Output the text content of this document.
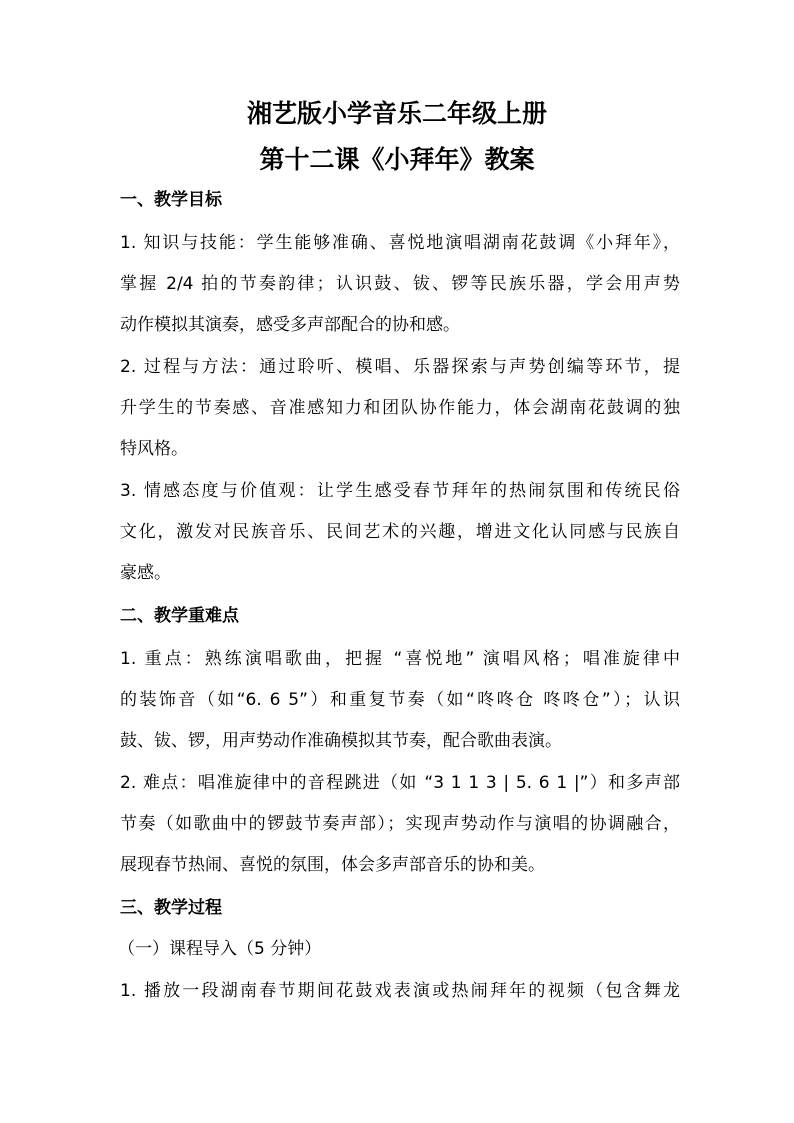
湘艺版小学音乐二年级上册
第十二课《小拜年》教案
一、教学目标
1. 知识与技能：学生能够准确、喜悦地演唱湖南花鼓调《小拜年》，
掌握 2/4 拍的节奏韵律；认识鼓、钹、锣等民族乐器，学会用声势
动作模拟其演奏，感受多声部配合的协和感。
2. 过程与方法：通过聆听、模唱、乐器探索与声势创编等环节，提
升学生的节奏感、音准感知力和团队协作能力，体会湖南花鼓调的独
特风格。
3. 情感态度与价值观：让学生感受春节拜年的热闹氛围和传统民俗
文化，激发对民族音乐、民间艺术的兴趣，增进文化认同感与民族自
豪感。
二、教学重难点
1. 重点：熟练演唱歌曲，把握 “喜悦地” 演唱风格；唱准旋律中
的装饰音（如“6. 6 5”）和重复节奏（如“咚咚仓 咚咚仓”）；认识
鼓、钹、锣，用声势动作准确模拟其节奏，配合歌曲表演。
2. 难点：唱准旋律中的音程跳进（如 “3 1 1 3 | 5. 6 1 |”）和多声部
节奏（如歌曲中的锣鼓节奏声部）；实现声势动作与演唱的协调融合，
展现春节热闹、喜悦的氛围，体会多声部音乐的协和美。
三、教学过程
（一）课程导入（5 分钟）
1. 播放一段湖南春节期间花鼓戏表演或热闹拜年的视频（包含舞龙
